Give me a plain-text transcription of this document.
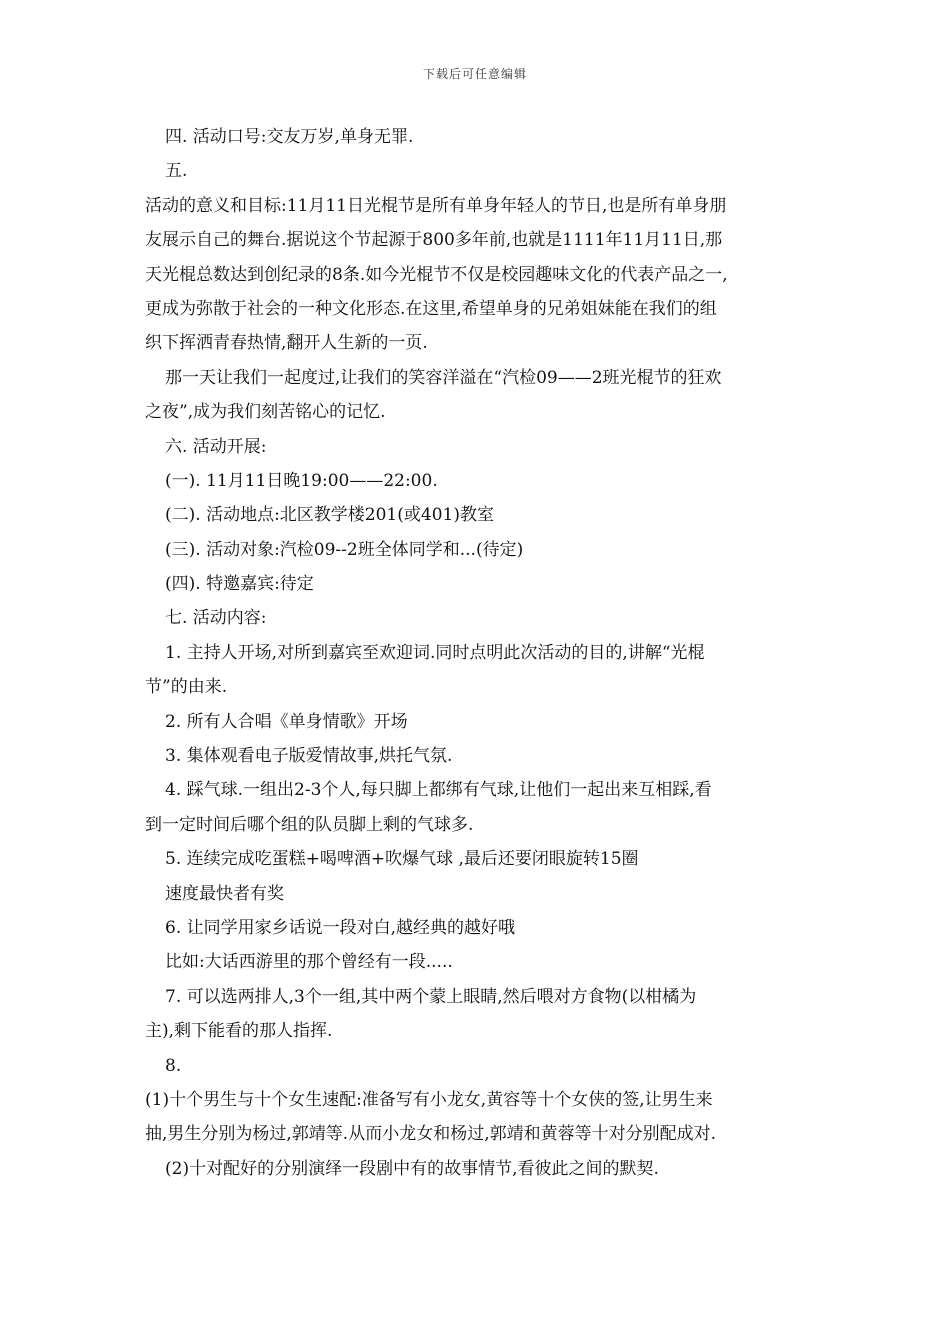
下载后可任意编辑
四. 活动口号:交友万岁,单身无罪.
五.
活动的意义和目标:11月11日光棍节是所有单身年轻人的节日,也是所有单身朋
友展示自己的舞台.据说这个节起源于800多年前,也就是1111年11月11日,那
天光棍总数达到创纪录的8条.如今光棍节不仅是校园趣味文化的代表产品之一,
更成为弥散于社会的一种文化形态.在这里,希望单身的兄弟姐妹能在我们的组
织下挥洒青春热情,翻开人生新的一页.
那一天让我们一起度过,让我们的笑容洋溢在“汽检09——2班光棍节的狂欢
之夜”,成为我们刻苦铭心的记忆.
六. 活动开展:
(一). 11月11日晚19:00——22:00.
(二). 活动地点:北区教学楼201(或401)教室
(三). 活动对象:汽检09--2班全体同学和...(待定)
(四). 特邀嘉宾:待定
七. 活动内容:
1. 主持人开场,对所到嘉宾至欢迎词.同时点明此次活动的目的,讲解“光棍
节”的由来.
2. 所有人合唱《单身情歌》开场
3. 集体观看电子版爱情故事,烘托气氛.
4. 踩气球.一组出2-3个人,每只脚上都绑有气球,让他们一起出来互相踩,看
到一定时间后哪个组的队员脚上剩的气球多.
5. 连续完成吃蛋糕+喝啤酒+吹爆气球 ,最后还要闭眼旋转15圈
速度最快者有奖
6. 让同学用家乡话说一段对白,越经典的越好哦
比如:大话西游里的那个曾经有一段.....
7. 可以选两排人,3个一组,其中两个蒙上眼睛,然后喂对方食物(以柑橘为
主),剩下能看的那人指挥.
8.
(1)十个男生与十个女生速配:准备写有小龙女,黄容等十个女侠的签,让男生来
抽,男生分别为杨过,郭靖等.从而小龙女和杨过,郭靖和黄蓉等十对分别配成对.
(2)十对配好的分别演绎一段剧中有的故事情节,看彼此之间的默契.
